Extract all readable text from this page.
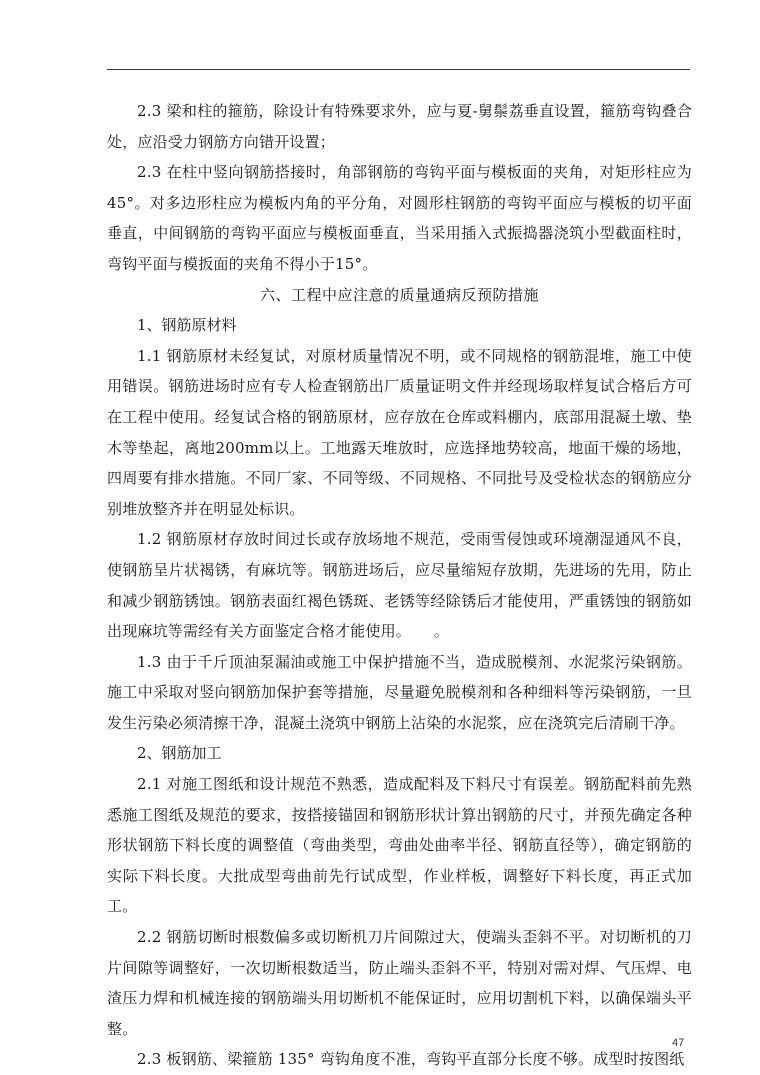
2.3 梁和柱的箍筋，除设计有特殊要求外，应与夏-舅鬃荔垂直设置，箍筋弯钩叠合处，应沿受力钢筋方向错开设置；

2.3 在柱中竖向钢筋搭接时，角部钢筋的弯钩平面与模板面的夹角，对矩形柱应为45°。对多边形柱应为模板内角的平分角，对圆形柱钢筋的弯钩平面应与模板的切平面垂直，中间钢筋的弯钩平面应与模板面垂直，当采用插入式振捣器浇筑小型截面柱时，弯钩平面与模扳面的夹角不得小于15°。

六、工程中应注意的质量通病反预防措施

1、钢筋原材料

1.1 钢筋原材未经复试，对原材质量情况不明，或不同规格的钢筋混堆，施工中使用错误。钢筋进场时应有专人检查钢筋出厂质量证明文件并经现场取样复试合格后方可在工程中使用。经复试合格的钢筋原材，应存放在仓库或料棚内，底部用混凝土墩、垫木等垫起，离地200mm以上。工地露天堆放时，应选择地势较高，地面干燥的场地，四周要有排水措施。不同厂家、不同等级、不同规格、不同批号及受检状态的钢筋应分别堆放整齐并在明显处标识。

1.2 钢筋原材存放时间过长或存放场地不规范，受雨雪侵蚀或环境潮湿通风不良，使钢筋呈片状褐锈，有麻坑等。钢筋进场后，应尽量缩短存放期，先进场的先用，防止和减少钢筋锈蚀。钢筋表面红褐色锈斑、老锈等经除锈后才能使用，严重锈蚀的钢筋如出现麻坑等需经有关方面鉴定合格才能使用。　　。

1.3 由于千斤顶油泵漏油或施工中保护措施不当，造成脱模剂、水泥浆污染钢筋。施工中采取对竖向钢筋加保护套等措施，尽量避免脱模剂和各种细料等污染钢筋，一旦发生污染必须清擦干净，混凝土浇筑中钢筋上沾染的水泥浆，应在浇筑完后清刷干净。

2、钢筋加工

2.1 对施工图纸和设计规范不熟悉，造成配料及下料尺寸有误差。钢筋配料前先熟悉施工图纸及规范的要求，按搭接锚固和钢筋形状计算出钢筋的尺寸，并预先确定各种形状钢筋下料长度的调整值（弯曲类型，弯曲处曲率半径、钢筋直径等），确定钢筋的实际下料长度。大批成型弯曲前先行试成型，作业样板，调整好下料长度，再正式加工。

2.2 钢筋切断时根数偏多或切断机刀片间隙过大，使端头歪斜不平。对切断机的刀片间隙等调整好，一次切断根数适当，防止端头歪斜不平，特别对需对焊、气压焊、电渣压力焊和机械连接的钢筋端头用切断机不能保证时，应用切割机下料，以确保端头平整。

2.3 板钢筋、梁箍筋 135° 弯钩角度不准，弯钩平直部分长度不够。成型时按图纸

47
